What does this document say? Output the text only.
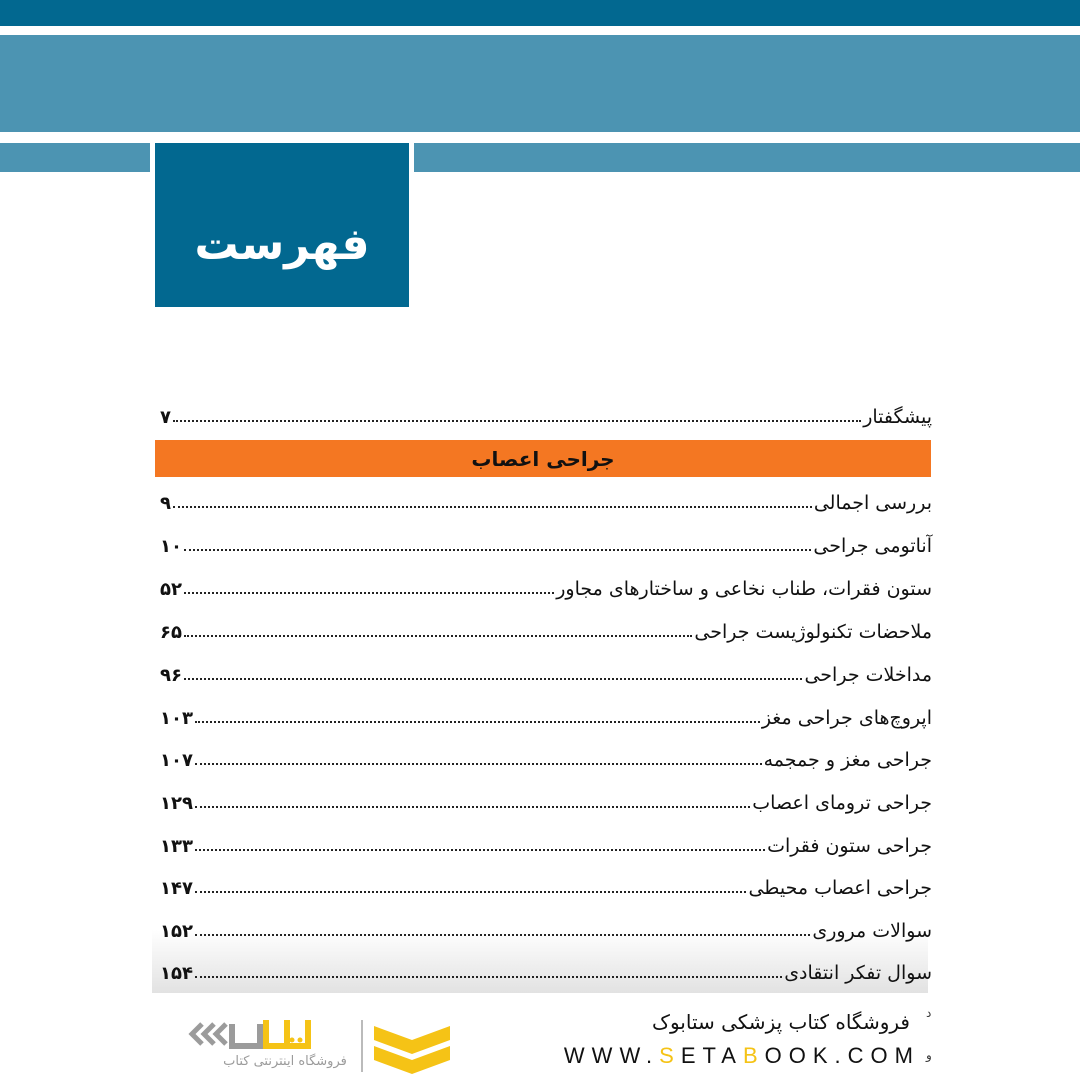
فهرست
پیشگفتار
۷
جراحی اعصاب
بررسی اجمالی
۹
آناتومی جراحی
۱۰
ستون فقرات، طناب نخاعی و ساختارهای مجاور
۵۲
ملاحضات تکنولوژیست جراحی
۶۵
مداخلات جراحی
۹۶
اپروچ‌های جراحی مغز
۱۰۳
جراحی مغز و جمجمه
۱۰۷
جراحی ترومای اعصاب
۱۲۹
جراحی ستون فقرات
۱۳۳
جراحی اعصاب محیطی
۱۴۷
سوالات مروری
۱۵۲
سوال تفکر انتقادی
۱۵۴
فروشگاه اینترنتی کتاب
فروشگاه کتاب پزشکی ستابوک
WWW.SETABOOK.COM
د
و
